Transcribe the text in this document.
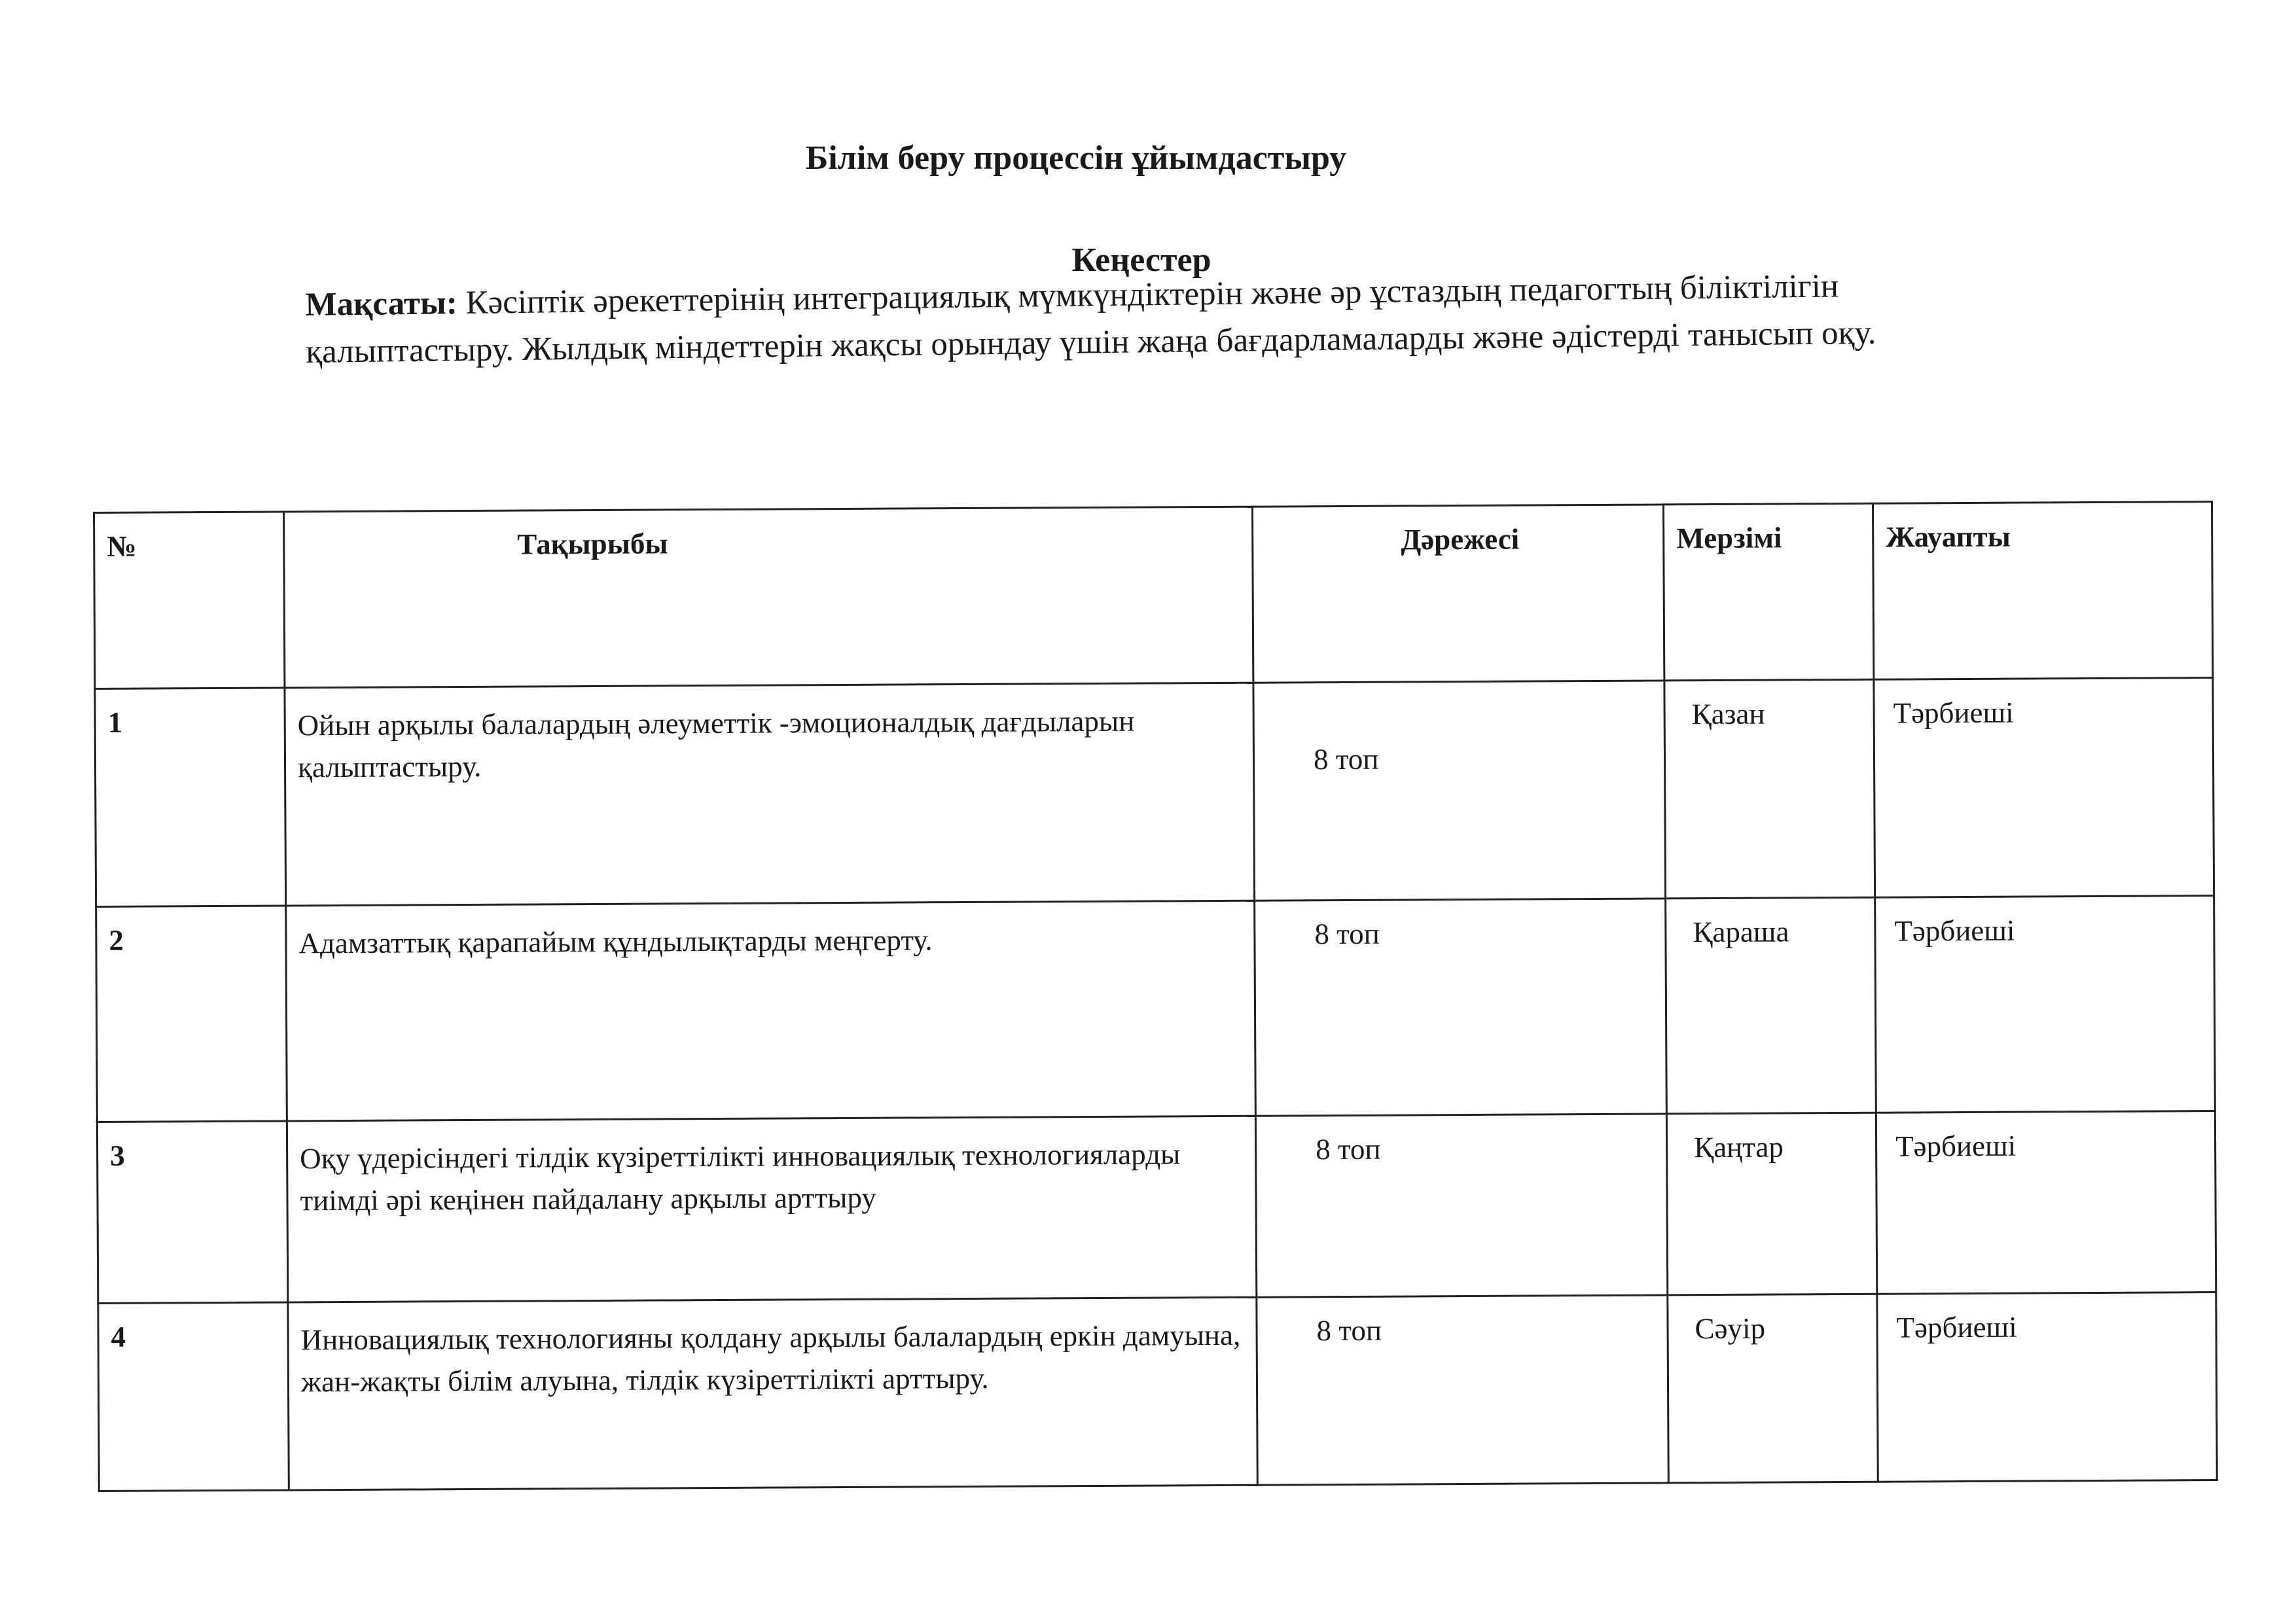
Білім беру процессін ұйымдастыру
Кеңестер
Мақсаты: Кәсіптік әрекеттерінің интеграциялық мүмкүндіктерін және әр ұстаздың педагогтың біліктілігін қалыптастыру. Жылдық міндеттерін жақсы орындау үшін жаңа бағдарламаларды және әдістерді танысып оқу.
№	Тақырыбы	Дәрежесі	Мерзімі	Жауапты
1	Ойын арқылы балалардың әлеуметтік -эмоционалдық дағдыларын қалыптастыру.	8 топ	Қазан	Тәрбиеші
2	Адамзаттық қарапайым құндылықтарды меңгерту.	8 топ	Қараша	Тәрбиеші
3	Оқу үдерісіндегі тілдік күзіреттілікті инновациялық технологияларды тиімді әрі кеңінен пайдалану арқылы арттыру	8 топ	Қаңтар	Тәрбиеші
4	Инновациялық технологияны қолдану арқылы балалардың еркін дамуына, жан-жақты білім алуына, тілдік күзіреттілікті арттыру.	8 топ	Сәуір	Тәрбиеші
